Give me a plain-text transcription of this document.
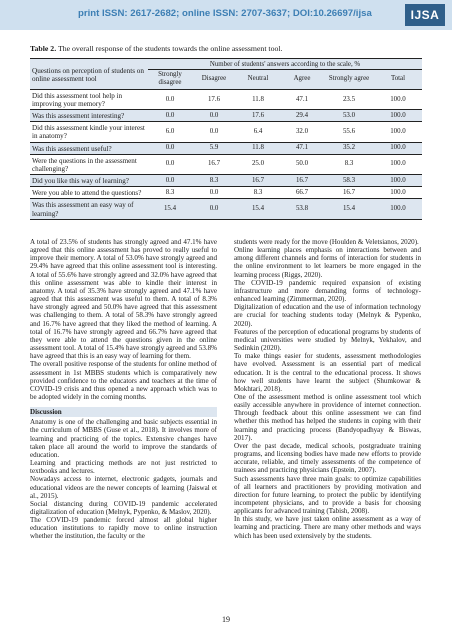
print ISSN: 2617-2682; online ISSN: 2707-3637; DOI:10.26697/ijsa	IJSA
Table 2. The overall response of the students towards the online assessment tool.
Questions on perception of students on online assessment tool	Number of students' answers according to the scale, %					
	Strongly disagree	Disagree	Neutral	Agree	Strongly agree	Total
Did this assessment tool help in improving your memory?	0.0	17.6	11.8	47.1	23.5	100.0
Was this assessment interesting?	0.0	0.0	17.6	29.4	53.0	100.0
Did this assessment kindle your interest in anatomy?	6.0	0.0	6.4	32.0	55.6	100.0
Was this assessment useful?	0.0	5.9	11.8	47.1	35.2	100.0
Were the questions in the assessment challenging?	0.0	16.7	25.0	50.0	8.3	100.0
Did you like this way of learning?	0.0	8.3	16.7	16.7	58.3	100.0
Were you able to attend the questions?	8.3	0.0	8.3	66.7	16.7	100.0
Was this assessment an easy way of learning?	15.4	0.0	15.4	53.8	15.4	100.0

A total of 23.5% of students has strongly agreed and 47.1% have agreed that this online assessment has proved to really useful to improve their memory. A total of 53.0% have strongly agreed and 29.4% have agreed that this online assessment tool is interesting. A total of 55.6% have strongly agreed and 32.0% have agreed that this online assessment was able to kindle their interest in anatomy. A total of 35.3% have strongly agreed and 47.1% have agreed that this assessment was useful to them. A total of 8.3% have strongly agreed and 50.0% have agreed that this assessment was challenging to them. A total of 58.3% have strongly agreed and 16.7% have agreed that they liked the method of learning. A total of 16.7% have strongly agreed and 66.7% have agreed that they were able to attend the questions given in the online assessment tool. A total of 15.4% have strongly agreed and 53.8% have agreed that this is an easy way of learning for them.

The overall positive response of the students for online method of assessment in 1st MBBS students which is comparatively new provided confidence to the educators and teachers at the time of COVID-19 crisis and thus opened a new approach which was to be adopted widely in the coming months.

Discussion

Anatomy is one of the challenging and basic subjects essential in the curriculum of MBBS (Guse et al., 2018). It involves more of learning and practicing of the topics. Extensive changes have taken place all around the world to improve the standards of education.

Learning and practicing methods are not just restricted to textbooks and lectures.

Nowadays access to internet, electronic gadgets, journals and educational videos are the newer concepts of learning (Jaiswal et al., 2015).

Social distancing during COVID-19 pandemic accelerated digitalization of education (Melnyk, Pypenko, & Maslov, 2020).

The COVID-19 pandemic forced almost all global higher education institutions to rapidly move to online instruction whether the institution, the faculty or the

students were ready for the move (Houlden & Veletsianos, 2020).

Online learning places emphasis on interactions between and among different channels and forms of interaction for students in the online environment to let learners be more engaged in the learning process (Riggs, 2020).

The COVID-19 pandemic required expansion of existing infrastructure and more demanding forms of technology-enhanced learning (Zimmerman, 2020).

Digitalization of education and the use of information technology are crucial for teaching students today (Melnyk & Pypenko, 2020).

Features of the perception of educational programs by students of medical universities were studied by Melnyk, Yekhalov, and Sedinkin (2020).

To make things easier for students, assessment methodologies have evolved. Assessment is an essential part of medical education. It is the central to the educational process. It shows how well students have learnt the subject (Shumkowar & Mokhtari, 2018).

One of the assessment method is online assessment tool which easily accessible anywhere in providence of internet connection. Through feedback about this online assessment we can find whether this method has helped the students in coping with their learning and practicing process (Bandyopadhyay & Biswas, 2017).

Over the past decade, medical schools, postgraduate training programs, and licensing bodies have made new efforts to provide accurate, reliable, and timely assessments of the competence of trainees and practicing physicians (Epstein, 2007).

Such assessments have three main goals: to optimize capabilities of all learners and practitioners by providing motivation and direction for future learning, to protect the public by identifying incompetent physicians, and to provide a basis for choosing applicants for advanced training (Tabish, 2008).

In this study, we have just taken online assessment as a way of learning and practicing. There are many other methods and ways which has been used extensively by the students.

19
